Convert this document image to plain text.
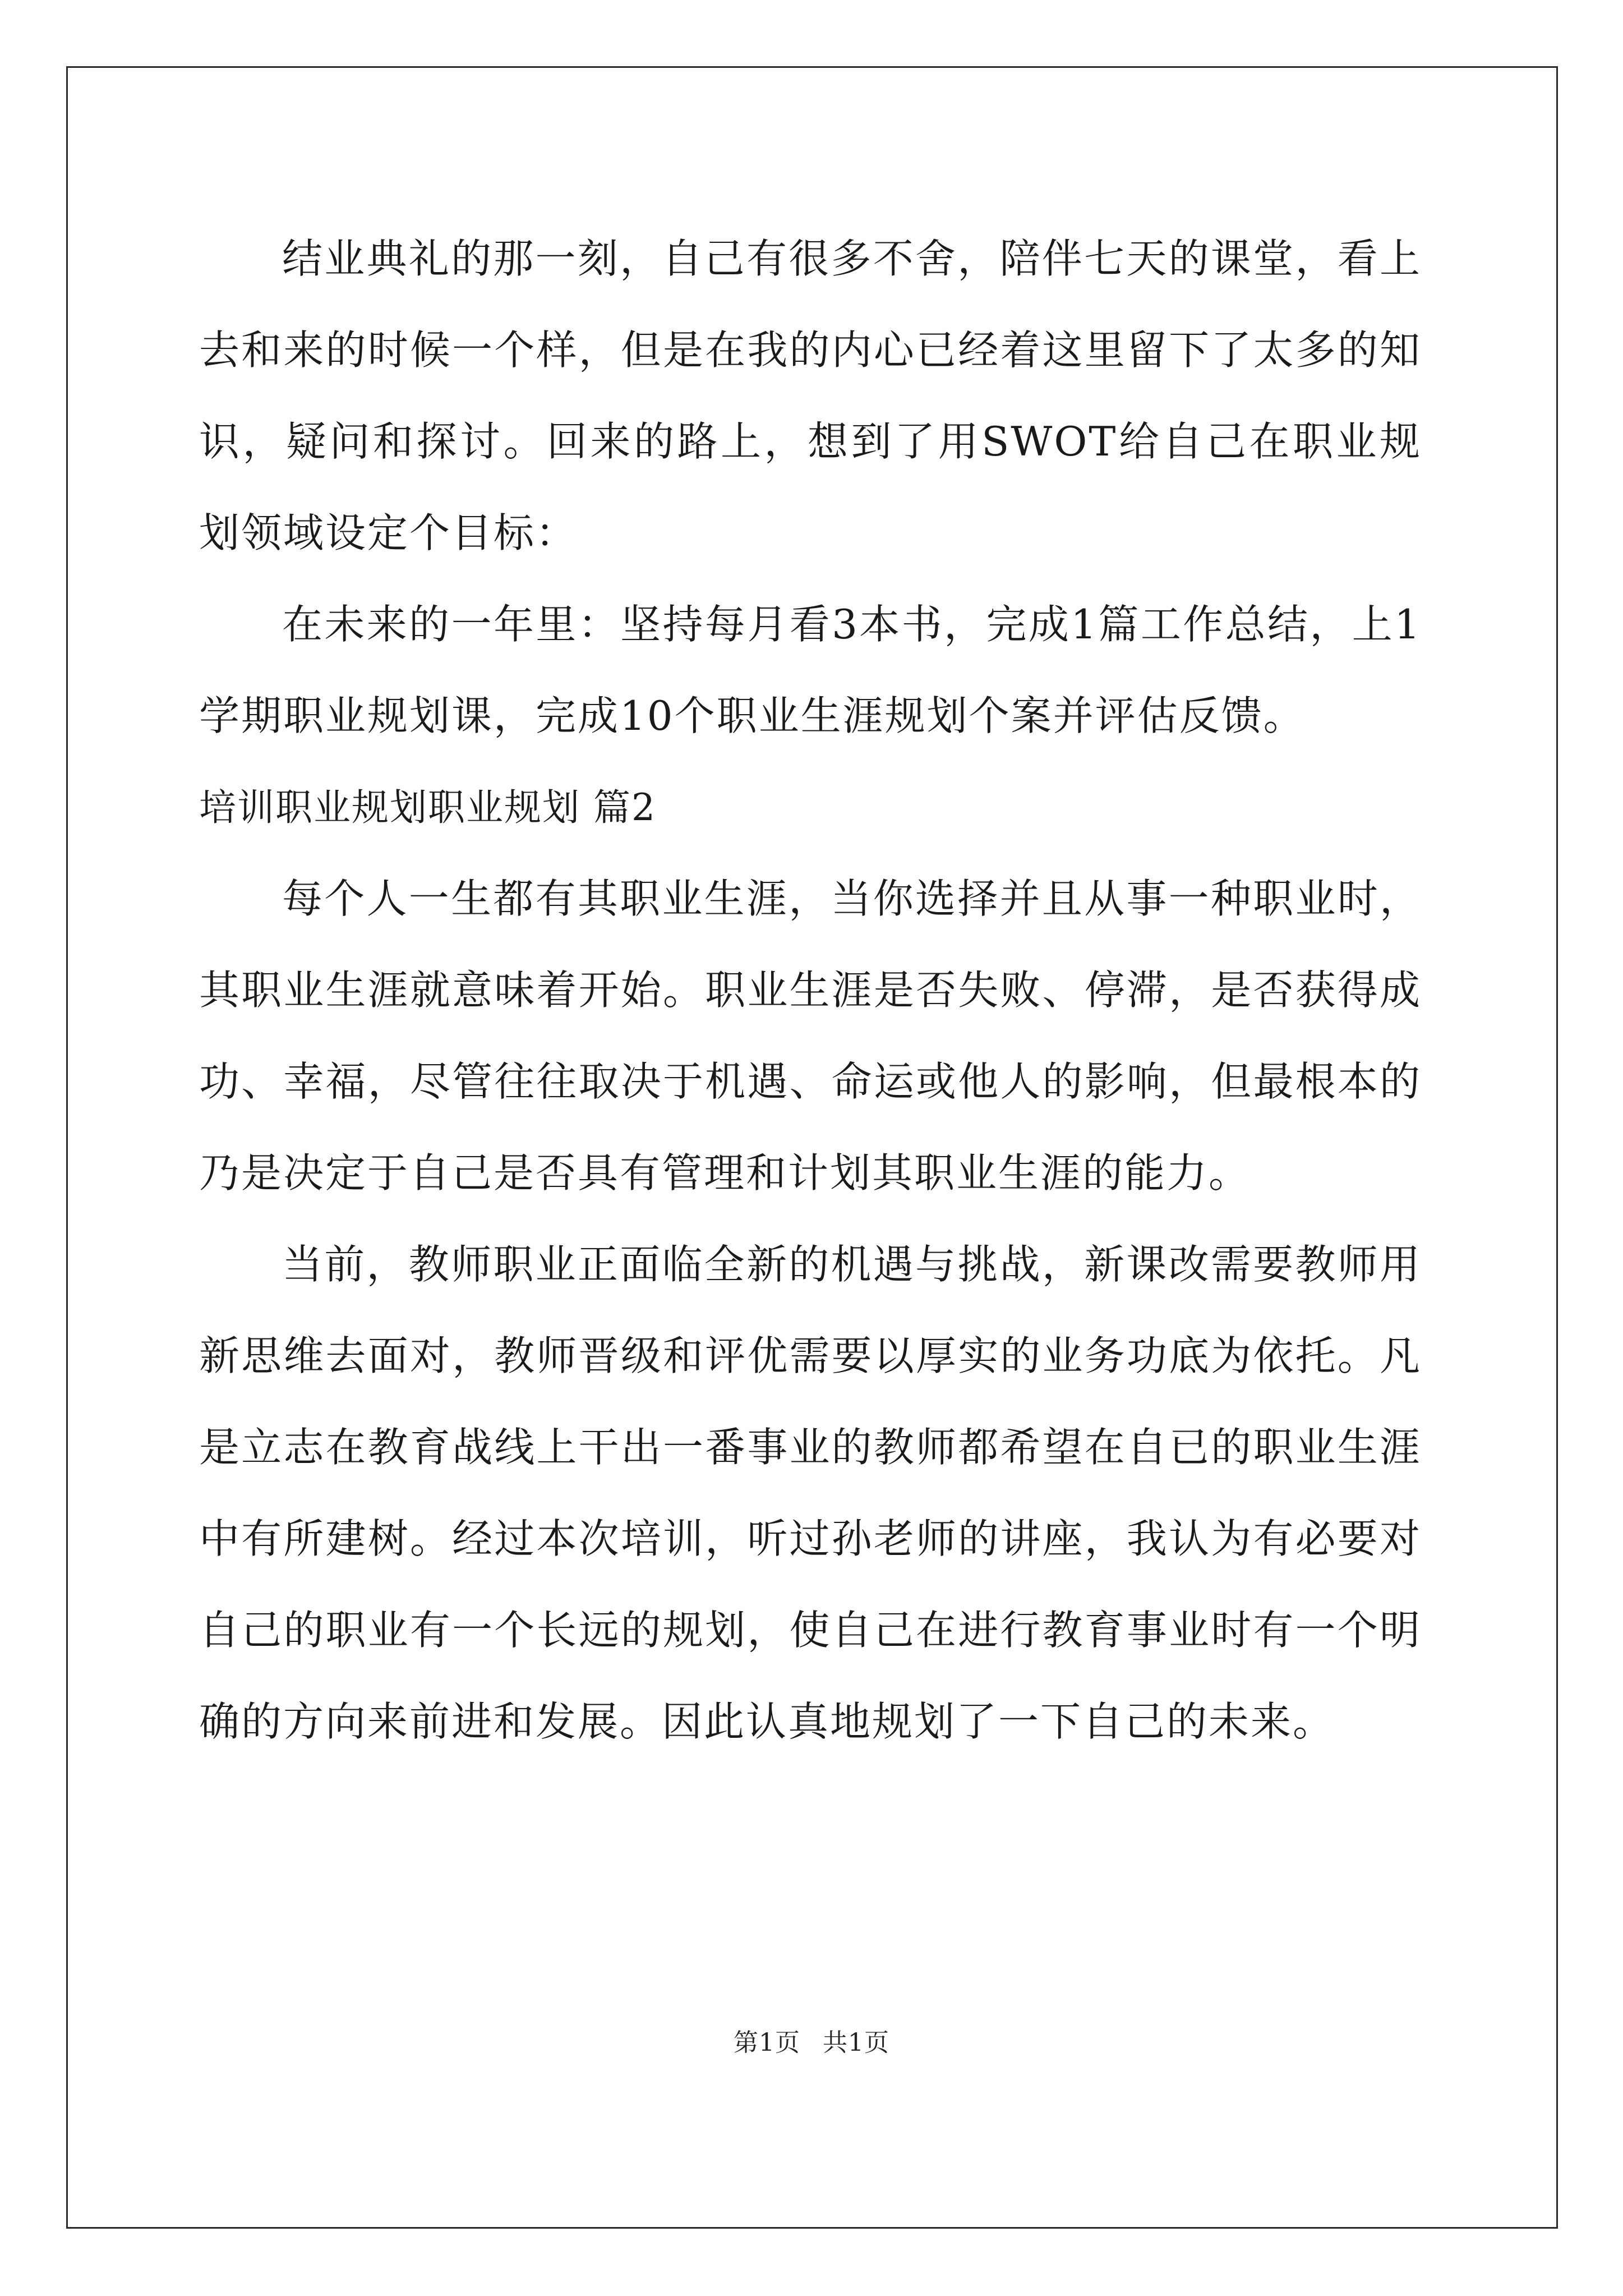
结业典礼的那一刻，自己有很多不舍，陪伴七天的课堂，看上去和来的时候一个样，但是在我的内心已经着这里留下了太多的知识，疑问和探讨。回来的路上，想到了用SWOT给自己在职业规划领域设定个目标：

在未来的一年里：坚持每月看3本书，完成1篇工作总结，上1学期职业规划课，完成10个职业生涯规划个案并评估反馈。

培训职业规划职业规划 篇2

每个人一生都有其职业生涯，当你选择并且从事一种职业时，其职业生涯就意味着开始。职业生涯是否失败、停滞，是否获得成功、幸福，尽管往往取决于机遇、命运或他人的影响，但最根本的乃是决定于自己是否具有管理和计划其职业生涯的能力。

当前，教师职业正面临全新的机遇与挑战，新课改需要教师用新思维去面对，教师晋级和评优需要以厚实的业务功底为依托。凡是立志在教育战线上干出一番事业的教师都希望在自已的职业生涯中有所建树。经过本次培训，听过孙老师的讲座，我认为有必要对自己的职业有一个长远的规划，使自己在进行教育事业时有一个明确的方向来前进和发展。因此认真地规划了一下自己的未来。

第1页 共1页
